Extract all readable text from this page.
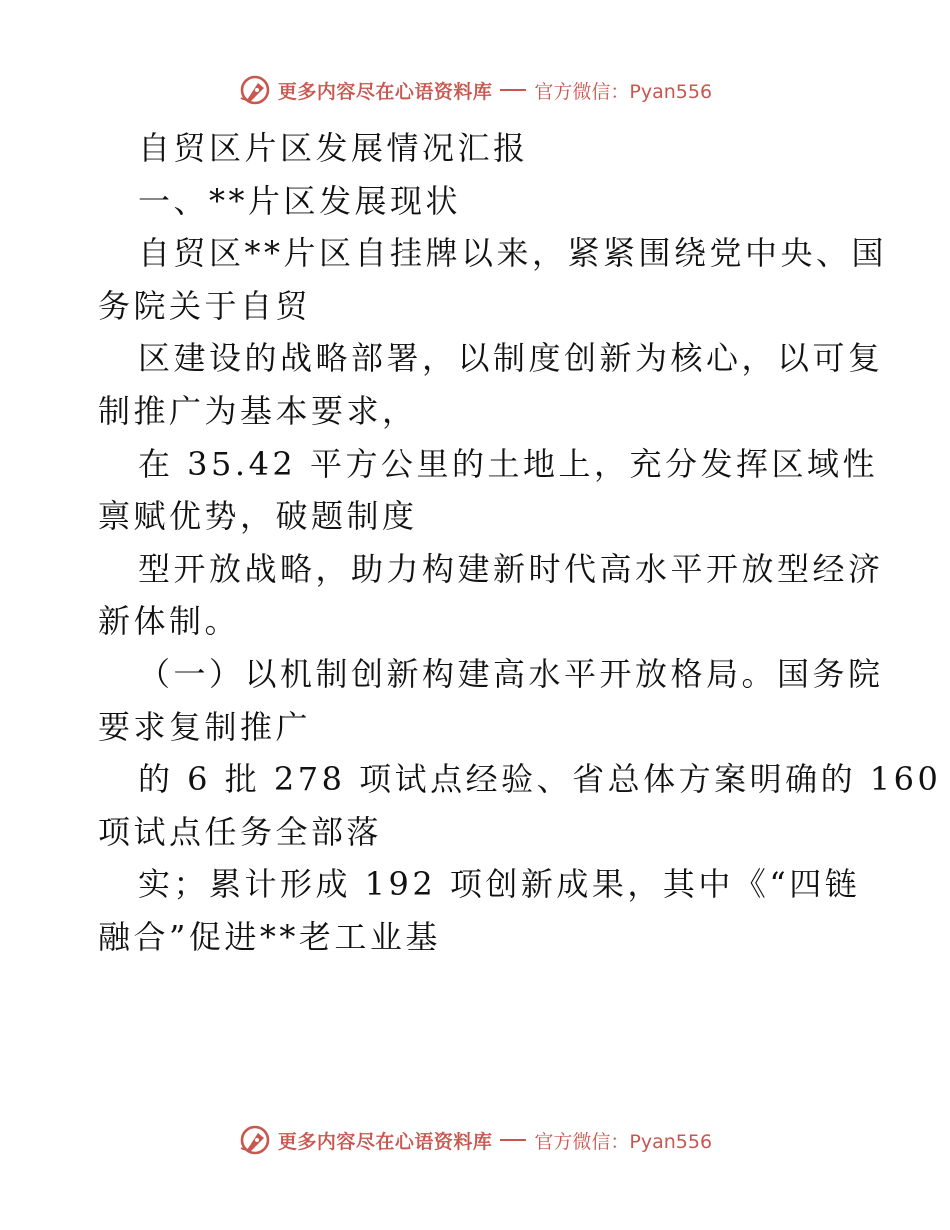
更多内容尽在心语资料库 官方微信：Pyan556
自贸区片区发展情况汇报
一、**片区发展现状
自贸区**片区自挂牌以来，紧紧围绕党中央、国
务院关于自贸
区建设的战略部署，以制度创新为核心，以可复
制推广为基本要求，
在 35.42 平方公里的土地上，充分发挥区域性
禀赋优势，破题制度
型开放战略，助力构建新时代高水平开放型经济
新体制。
（一）以机制创新构建高水平开放格局。国务院
要求复制推广
的 6 批 278 项试点经验、省总体方案明确的 160
项试点任务全部落
实；累计形成 192 项创新成果，其中《“四链
融合”促进**老工业基
更多内容尽在心语资料库 官方微信：Pyan556
